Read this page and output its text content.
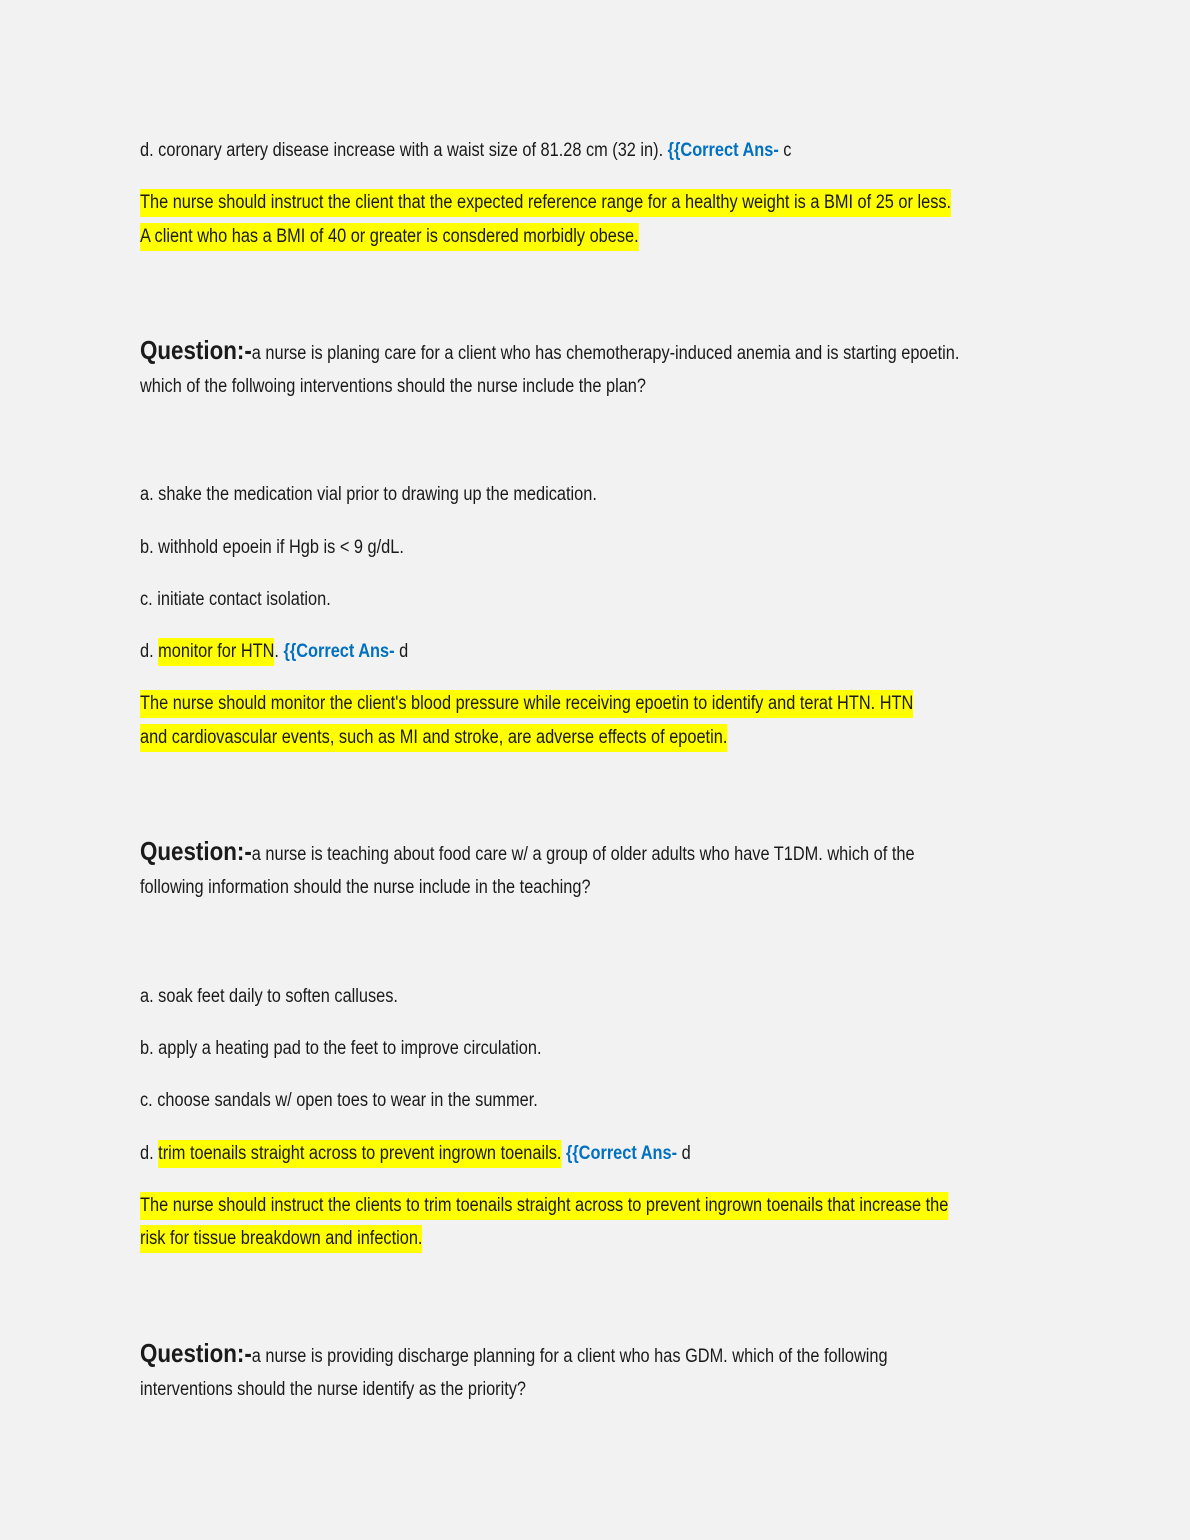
d. coronary artery disease increase with a waist size of 81.28 cm (32 in). {{Correct Ans- c
The nurse should instruct the client that the expected reference range for a healthy weight is a BMI of 25 or less.
A client who has a BMI of 40 or greater is consdered morbidly obese.
Question:-a nurse is planing care for a client who has chemotherapy-induced anemia and is starting epoetin.
which of the follwoing interventions should the nurse include the plan?
a. shake the medication vial prior to drawing up the medication.
b. withhold epoein if Hgb is < 9 g/dL.
c. initiate contact isolation.
d. monitor for HTN. {{Correct Ans- d
The nurse should monitor the client's blood pressure while receiving epoetin to identify and terat HTN. HTN
and cardiovascular events, such as MI and stroke, are adverse effects of epoetin.
Question:-a nurse is teaching about food care w/ a group of older adults who have T1DM. which of the
following information should the nurse include in the teaching?
a. soak feet daily to soften calluses.
b. apply a heating pad to the feet to improve circulation.
c. choose sandals w/ open toes to wear in the summer.
d. trim toenails straight across to prevent ingrown toenails. {{Correct Ans- d
The nurse should instruct the clients to trim toenails straight across to prevent ingrown toenails that increase the
risk for tissue breakdown and infection.
Question:-a nurse is providing discharge planning for a client who has GDM. which of the following
interventions should the nurse identify as the priority?
